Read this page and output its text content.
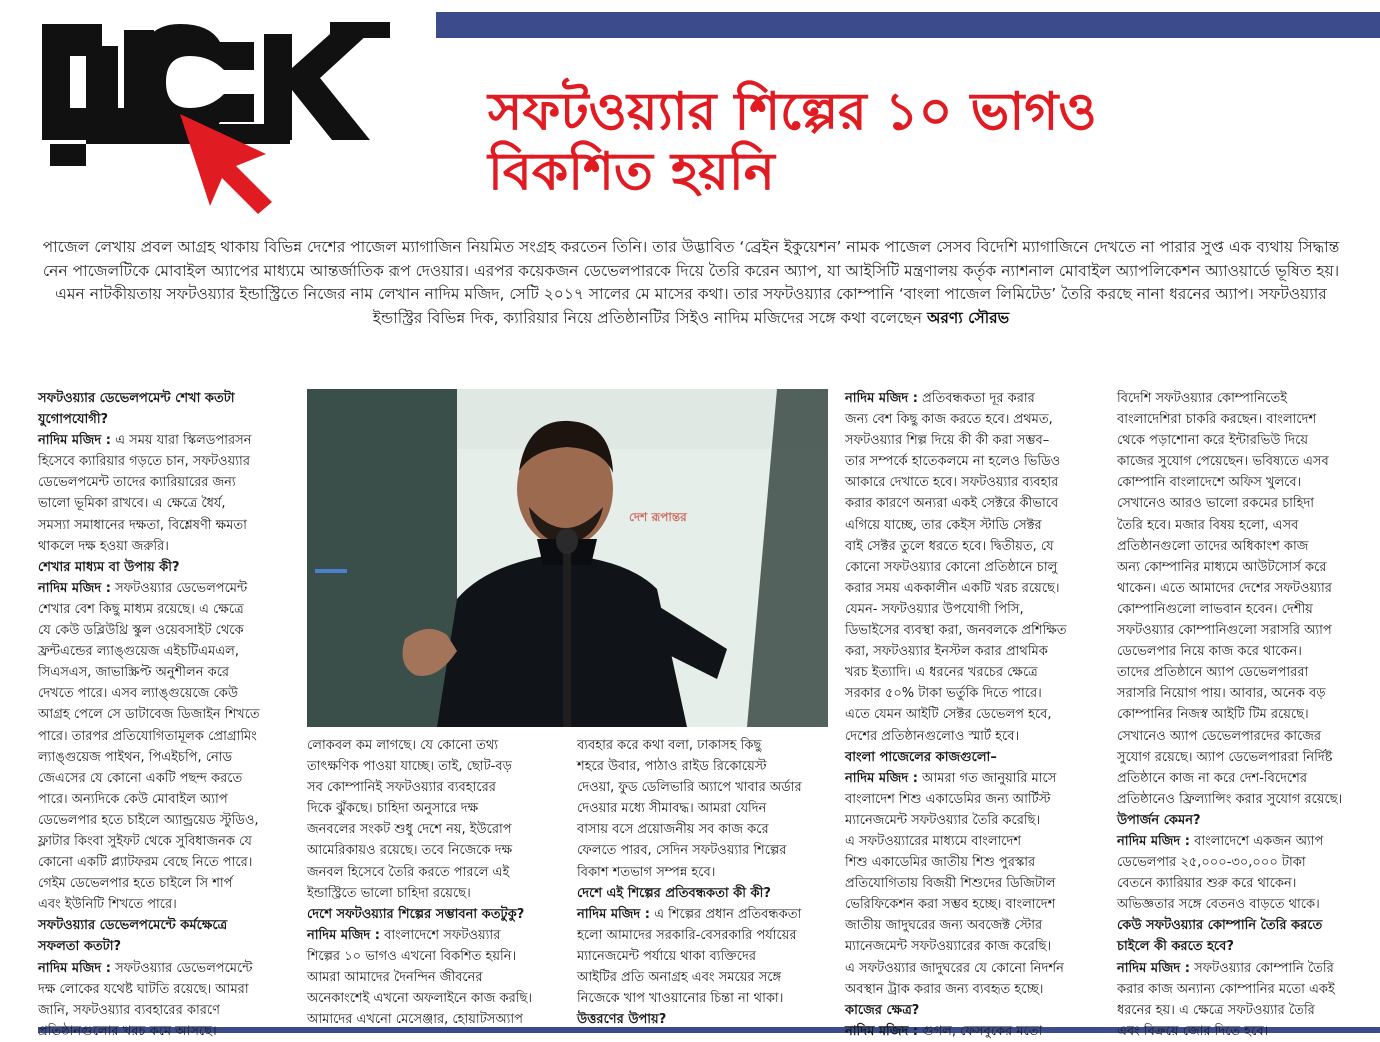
সফটওয়্যার শিল্পের ১০ ভাগও
বিকশিত হয়নি

পাজেল লেখায় প্রবল আগ্রহ থাকায় বিভিন্ন দেশের পাজেল ম্যাগাজিন নিয়মিত সংগ্রহ করতেন তিনি। তার উদ্ভাবিত ‘ব্রেইন ইকুয়েশন’ নামক পাজেল সেসব বিদেশি ম্যাগাজিনে দেখতে না পারার সুপ্ত এক ব্যথায় সিদ্ধান্ত নেন পাজেলটিকে মোবাইল অ্যাপের মাধ্যমে আন্তর্জাতিক রূপ দেওয়ার। এরপর কয়েকজন ডেভেলপারকে দিয়ে তৈরি করেন অ্যাপ, যা আইসিটি মন্ত্রণালয় কর্তৃক ন্যাশনাল মোবাইল অ্যাপলিকেশন অ্যাওয়ার্ডে ভূষিত হয়। এমন নাটকীয়তায় সফটওয়্যার ইন্ডাস্ট্রিতে নিজের নাম লেখান নাদিম মজিদ, সেটি ২০১৭ সালের মে মাসের কথা। তার সফটওয়্যার কোম্পানি ‘বাংলা পাজেল লিমিটেড’ তৈরি করছে নানা ধরনের অ্যাপ। সফটওয়্যার ইন্ডাস্ট্রির বিভিন্ন দিক, ক্যারিয়ার নিয়ে প্রতিষ্ঠানটির সিইও নাদিম মজিদের সঙ্গে কথা বলেছেন অরণ্য সৌরভ

দেশ রূপান্তর

সফটওয়্যার ডেভেলপমেন্ট শেখা কতটা
যুগোপযোগী?

নাদিম মজিদ : এ সময় যারা স্কিলডপারসন
হিসেবে ক্যারিয়ার গড়তে চান, সফটওয়্যার
ডেভেলপমেন্ট তাদের ক্যারিয়ারের জন্য
ভালো ভূমিকা রাখবে। এ ক্ষেত্রে ধৈর্য,
সমস্যা সমাধানের দক্ষতা, বিশ্লেষণী ক্ষমতা
থাকলে দক্ষ হওয়া জরুরি।

শেখার মাধ্যম বা উপায় কী?

নাদিম মজিদ : সফটওয়্যার ডেভেলপমেন্ট
শেখার বেশ কিছু মাধ্যম রয়েছে। এ ক্ষেত্রে
যে কেউ ডব্লিউথ্রি স্কুল ওয়েবসাইট থেকে
ফ্রন্টএন্ডের ল্যাঙ্গুয়েজ এইচটিএমএল,
সিএসএস, জাভাস্ক্রিপ্ট অনুশীলন করে
দেখতে পারে। এসব ল্যাঙ্গুয়েজে কেউ
আগ্রহ পেলে সে ডাটাবেজ ডিজাইন শিখতে
পারে। তারপর প্রতিযোগিতামূলক প্রোগ্রামিং
ল্যাঙ্গুয়েজ পাইথন, পিএইচপি, নোড
জেএসের যে কোনো একটি পছন্দ করতে
পারে। অন্যদিকে কেউ মোবাইল অ্যাপ
ডেভেলপার হতে চাইলে অ্যান্ড্রয়েড স্টুডিও,
ফ্লাটার কিংবা সুইফট থেকে সুবিধাজনক যে
কোনো একটি প্ল্যাটফরম বেছে নিতে পারে।
গেইম ডেভেলপার হতে চাইলে সি শার্প
এবং ইউনিটি শিখতে পারে।

সফটওয়্যার ডেভেলপমেন্টে কর্মক্ষেত্রে
সফলতা কতটা?

নাদিম মজিদ : সফটওয়্যার ডেভেলপমেন্টে
দক্ষ লোকের যথেষ্ট ঘাটতি রয়েছে। আমরা
জানি, সফটওয়্যার ব্যবহারের কারণে
প্রতিষ্ঠানগুলোর খরচ কমে আসছে।

লোকবল কম লাগছে। যে কোনো তথ্য
তাৎক্ষণিক পাওয়া যাচ্ছে। তাই, ছোট-বড়
সব কোম্পানিই সফটওয়্যার ব্যবহারের
দিকে ঝুঁকছে। চাহিদা অনুসারে দক্ষ
জনবলের সংকট শুধু দেশে নয়, ইউরোপ
আমেরিকায়ও রয়েছে। তবে নিজেকে দক্ষ
জনবল হিসেবে তৈরি করতে পারলে এই
ইন্ডাস্ট্রিতে ভালো চাহিদা রয়েছে।

দেশে সফটওয়্যার শিল্পের সম্ভাবনা কতটুকু?

নাদিম মজিদ : বাংলাদেশে সফটওয়্যার
শিল্পের ১০ ভাগও এখনো বিকশিত হয়নি।
আমরা আমাদের দৈনন্দিন জীবনের
অনেকাংশেই এখনো অফলাইনে কাজ করছি।
আমাদের এখনো মেসেঞ্জার, হোয়াটসঅ্যাপ

ব্যবহার করে কথা বলা, ঢাকাসহ কিছু
শহরে উবার, পাঠাও রাইড রিকোয়েস্ট
দেওয়া, ফুড ডেলিভারি অ্যাপে খাবার অর্ডার
দেওয়ার মধ্যে সীমাবদ্ধ। আমরা যেদিন
বাসায় বসে প্রয়োজনীয় সব কাজ করে
ফেলতে পারব, সেদিন সফটওয়্যার শিল্পের
বিকাশ শতভাগ সম্পন্ন হবে।

দেশে এই শিল্পের প্রতিবন্ধকতা কী কী?

নাদিম মজিদ : এ শিল্পের প্রধান প্রতিবন্ধকতা
হলো আমাদের সরকারি-বেসরকারি পর্যায়ের
ম্যানেজমেন্ট পর্যায়ে থাকা ব্যক্তিদের
আইটির প্রতি অনাগ্রহ এবং সময়ের সঙ্গে
নিজেকে খাপ খাওয়ানোর চিন্তা না থাকা।

উত্তরণের উপায়?

নাদিম মজিদ : প্রতিবন্ধকতা দূর করার
জন্য বেশ কিছু কাজ করতে হবে। প্রথমত,
সফটওয়্যার শিল্প দিয়ে কী কী করা সম্ভব–
তার সম্পর্কে হাতেকলমে না হলেও ভিডিও
আকারে দেখাতে হবে। সফটওয়্যার ব্যবহার
করার কারণে অন্যরা একই সেক্টরে কীভাবে
এগিয়ে যাচ্ছে, তার কেইস স্টাডি সেক্টর
বাই সেক্টর তুলে ধরতে হবে। দ্বিতীয়ত, যে
কোনো সফটওয়্যার কোনো প্রতিষ্ঠানে চালু
করার সময় এককালীন একটি খরচ রয়েছে।
যেমন- সফটওয়্যার উপযোগী পিসি,
ডিভাইসের ব্যবস্থা করা, জনবলকে প্রশিক্ষিত
করা, সফটওয়্যার ইনস্টল করার প্রাথমিক
খরচ ইত্যাদি। এ ধরনের খরচের ক্ষেত্রে
সরকার ৫০% টাকা ভর্তুকি দিতে পারে।
এতে যেমন আইটি সেক্টর ডেভেলপ হবে,
দেশের প্রতিষ্ঠানগুলোও স্মার্ট হবে।

বাংলা পাজেলের কাজগুলো–

নাদিম মজিদ : আমরা গত জানুয়ারি মাসে
বাংলাদেশ শিশু একাডেমির জন্য আর্টিস্ট
ম্যানেজমেন্ট সফটওয়্যার তৈরি করেছি।
এ সফটওয়্যারের মাধ্যমে বাংলাদেশ
শিশু একাডেমির জাতীয় শিশু পুরস্কার
প্রতিযোগিতায় বিজয়ী শিশুদের ডিজিটাল
ভেরিফিকেশন করা সম্ভব হচ্ছে। বাংলাদেশ
জাতীয় জাদুঘরের জন্য অবজেক্ট স্টোর
ম্যানেজমেন্ট সফটওয়্যারের কাজ করেছি।
এ সফটওয়্যার জাদুঘরের যে কোনো নিদর্শন
অবস্থান ট্রাক করার জন্য ব্যবহৃত হচ্ছে।

কাজের ক্ষেত্র?

নাদিম মজিদ : গুগল, ফেসবুকের মতো

বিদেশি সফটওয়্যার কোম্পানিতেই
বাংলাদেশিরা চাকরি করছেন। বাংলাদেশ
থেকে পড়াশোনা করে ইন্টারভিউ দিয়ে
কাজের সুযোগ পেয়েছেন। ভবিষ্যতে এসব
কোম্পানি বাংলাদেশে অফিস খুলবে।
সেখানেও আরও ভালো রকমের চাহিদা
তৈরি হবে। মজার বিষয় হলো, এসব
প্রতিষ্ঠানগুলো তাদের অধিকাংশ কাজ
অন্য কোম্পানির মাধ্যমে আউটসোর্স করে
থাকেন। এতে আমাদের দেশের সফটওয়্যার
কোম্পানিগুলো লাভবান হবেন। দেশীয়
সফটওয়্যার কোম্পানিগুলো সরাসরি অ্যাপ
ডেভেলপার নিয়ে কাজ করে থাকেন।
তাদের প্রতিষ্ঠানে অ্যাপ ডেভেলপাররা
সরাসরি নিয়োগ পায়। আবার, অনেক বড়
কোম্পানির নিজস্ব আইটি টিম রয়েছে।
সেখানেও অ্যাপ ডেভেলপারদের কাজের
সুযোগ রয়েছে। অ্যাপ ডেভেলপাররা নির্দিষ্ট
প্রতিষ্ঠানে কাজ না করে দেশ-বিদেশের
প্রতিষ্ঠানেও ফ্রিল্যান্সিং করার সুযোগ রয়েছে।

উপার্জন কেমন?

নাদিম মজিদ : বাংলাদেশে একজন অ্যাপ
ডেভেলপার ২৫,০০০-৩০,০০০ টাকা
বেতনে ক্যারিয়ার শুরু করে থাকেন।
অভিজ্ঞতার সঙ্গে বেতনও বাড়তে থাকে।

কেউ সফটওয়্যার কোম্পানি তৈরি করতে
চাইলে কী করতে হবে?

নাদিম মজিদ : সফটওয়্যার কোম্পানি তৈরি
করার কাজ অন্যান্য কোম্পানির মতো একই
ধরনের হয়। এ ক্ষেত্রে সফটওয়্যার তৈরি
এবং বিক্রয়ে জোর দিতে হবে।
